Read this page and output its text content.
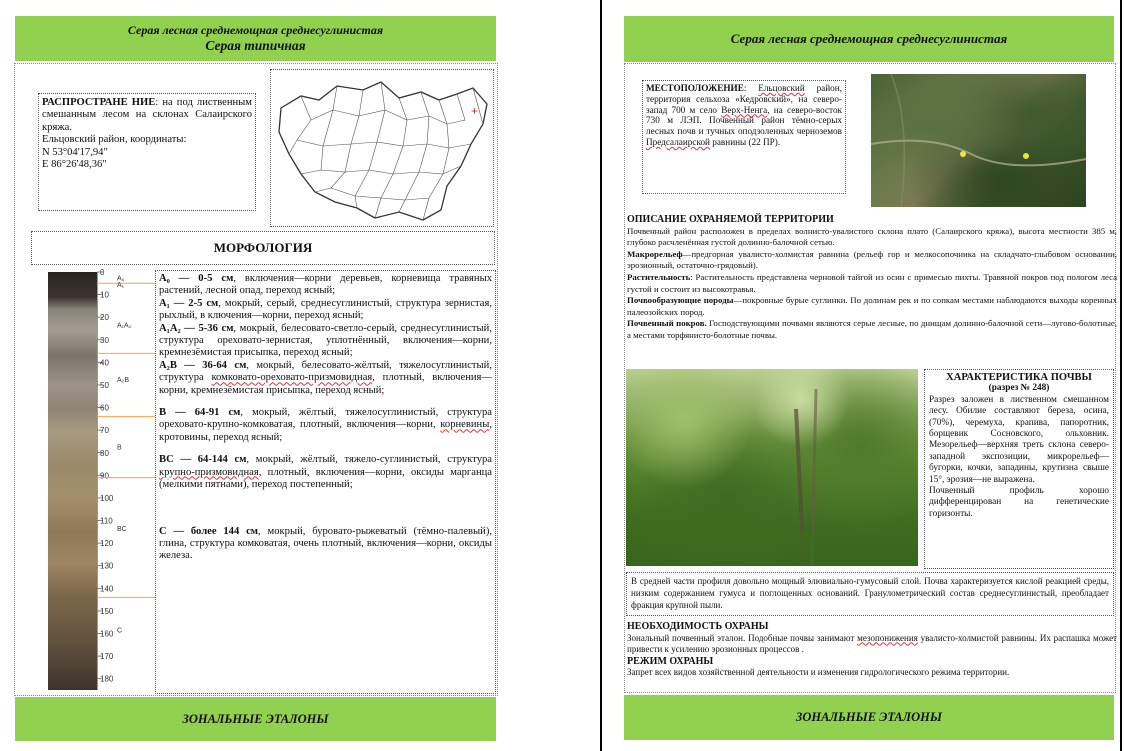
Серая лесная среднемощная среднесуглинистая
Серая типичная

РАСПРОСТРАНЕ НИЕ: на под лиственным смешанным лесом на склонах Салаирского кряжа.

Ельцовский район, координаты:

N 53°04'17,94"

E 86°26'48,36"

+
МОРФОЛОГИЯ
0
10
20
30
40
50
60
70
80
90
100
110
120
130
140
150
160
170
180
A₀
A₁
A₁A₂
A₂B
B
BC
C

А₀ — 0-5 см, включения—корни деревьев, корневища травяных растений, лесной опад, переход ясный;

А₁ — 2-5 см, мокрый, серый, среднесуглинистый, структура зернистая, рыхлый, в ключения—корни, переход ясный;

А₁А₂ — 5-36 см, мокрый, белесовато-светло-серый, среднесуглинистый, структура ореховато-зернистая, уплотнённый, включения—корни, кремнезёмистая присыпка, переход ясный;

А₂В — 36-64 см, мокрый, белесовато-жёлтый, тяжелосуглинистый, структура комковато-ореховато-призмовидная, плотный, включения—корни, кремнезёмистая присыпка, переход ясный;

В — 64-91 см, мокрый, жёлтый, тяжелосуглинистый, структура ореховато-крупно-комковатая, плотный, включения—корни, корневины, кротовины, переход ясный;

ВС — 64-144 см, мокрый, жёлтый, тяжело-суглинистый, структура крупно-призмовидная, плотный, включения—корни, оксиды марганца (мелкими пятнами), переход постепенный;

С — более 144 см, мокрый, буровато-рыжеватый (тёмно-палевый), глина, структура комковатая, очень плотный, включения—корни, оксиды железа.

ЗОНАЛЬНЫЕ ЭТАЛОНЫ
Серая лесная среднемощная среднесуглинистая
МЕСТОПОЛОЖЕНИЕ: Ельцовский район, территория сельхоза «Кедровский», на северо-запад 700 м село Верх-Ненга, на северо-восток 730 м ЛЭП. Почвенный район тёмно-серых лесных почв и тучных оподзоленных черноземов Предсалаирской равнины (22 ПР).

ОПИСАНИЕ ОХРАНЯЕМОЙ ТЕРРИТОРИИ

Почвенный район расположен в пределах волнисто-увалистого склона плато (Салаирского кряжа), высота местности 385 м, глубоко расчленённая густой долинно-балочной сетью.

Макрорельеф—предгорная увалисто-холмистая равнина (рельеф гор и мелкосопочника на складчато-глыбовом основании, эрозионный, остаточно-грядовый).

Растительность: Растительность представлена черновой тайгой из осин с примесью пихты. Травяной покров под пологом леса густой и состоит из высокотравья.

Почвообразующие породы—покровные бурые суглинки. По долинам рек и по сопкам местами наблюдаются выходы коренных палеозойских пород.

Почвенный покров. Господствующими почвами являются серые лесные, по днищам долинно-балочной сети—лугово-болотные, а местами торфянисто-болотные почвы.

ХАРАКТЕРИСТИКА ПОЧВЫ

(разрез № 248)

Разрез заложен в лиственном смешанном лесу. Обилие составляют береза, осина, (70%), черемуха, крапива, папоротник, борщевик Сосновского, ольховник. Мезорельеф—верхняя треть склона северо-западной экспозиции, микрорельеф—бугорки, кочки, западины, крутизна свыше 15°, эрозия—не выражена.

Почвенный профиль хорошо дифференцирован на генетические горизонты.

В средней части профиля довольно мощный элювиально-гумусовый слой. Почва характеризуется кислой реакцией среды, низким содержанием гумуса и поглощенных оснований. Гранулометрический состав среднесуглинистый, преобладает фракция крупной пыли.

НЕОБХОДИМОСТЬ ОХРАНЫ

Зональный почвенный эталон. Подобные почвы занимают мезопонижения увалисто-холмистой равнины. Их распашка может привести к усилению эрозионных процессов .

РЕЖИМ ОХРАНЫ

Запрет всех видов хозяйственной деятельности и изменения гидрологического режима территории.

ЗОНАЛЬНЫЕ ЭТАЛОНЫ
